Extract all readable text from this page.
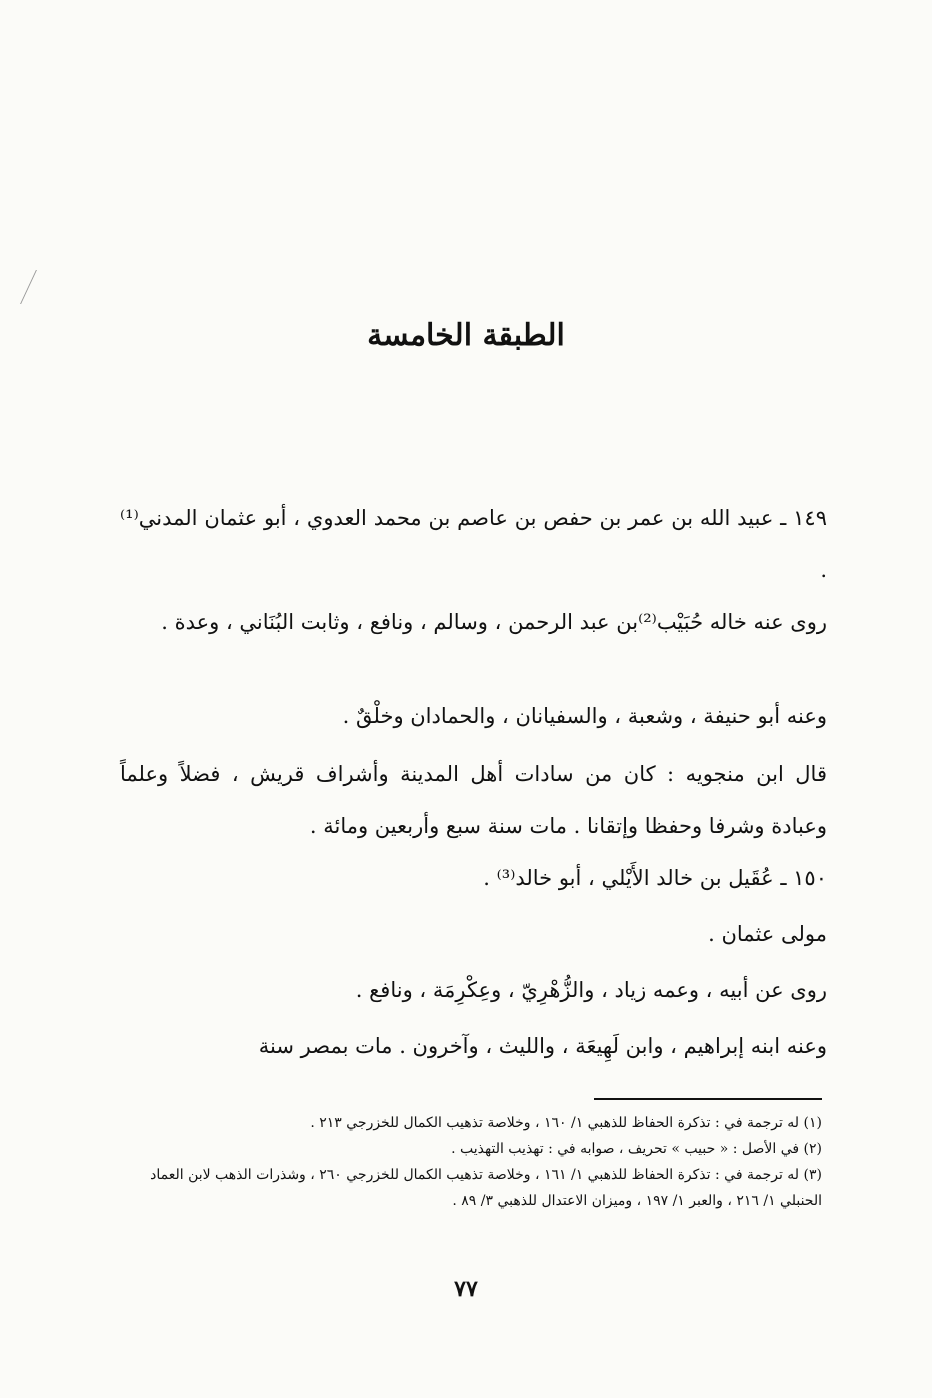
الطبقة الخامسة
١٤٩ ـ عبيد الله بن عمر بن حفص بن عاصم بن محمد العدوي ، أبو عثمان المدني⁽¹⁾ .
روى عنه خاله حُبَيْب⁽²⁾بن عبد الرحمن ، وسالم ، ونافع ، وثابت البُنَاني ، وعدة .
وعنه أبو حنيفة ، وشعبة ، والسفيانان ، والحمادان وخلْقٌ .
قال ابن منجويه : كان من سادات أهل المدينة وأشراف قريش ، فضلاً وعلماً وعبادة وشرفا وحفظا وإتقانا . مات سنة سبع وأربعين ومائة .
١٥٠ ـ عُقَيل بن خالد الأَيْلي ، أبو خالد⁽³⁾ .
مولى عثمان .
روى عن أبيه ، وعمه زياد ، والزُّهْرِيّ ، وعِكْرِمَة ، ونافع .
وعنه ابنه إبراهيم ، وابن لَهِيعَة ، والليث ، وآخرون . مات بمصر سنة
(١) له ترجمة في : تذكرة الحفاظ للذهبي ١/ ١٦٠ ، وخلاصة تذهيب الكمال للخزرجي ٢١٣ .
(٢) في الأصل : « حبيب » تحريف ، صوابه في : تهذيب التهذيب .
(٣) له ترجمة في : تذكرة الحفاظ للذهبي ١/ ١٦١ ، وخلاصة تذهيب الكمال للخزرجي ٢٦٠ ، وشذرات الذهب لابن العماد الحنبلي ١/ ٢١٦ ، والعبر ١/ ١٩٧ ، وميزان الاعتدال للذهبي ٣/ ٨٩ .
٧٧
